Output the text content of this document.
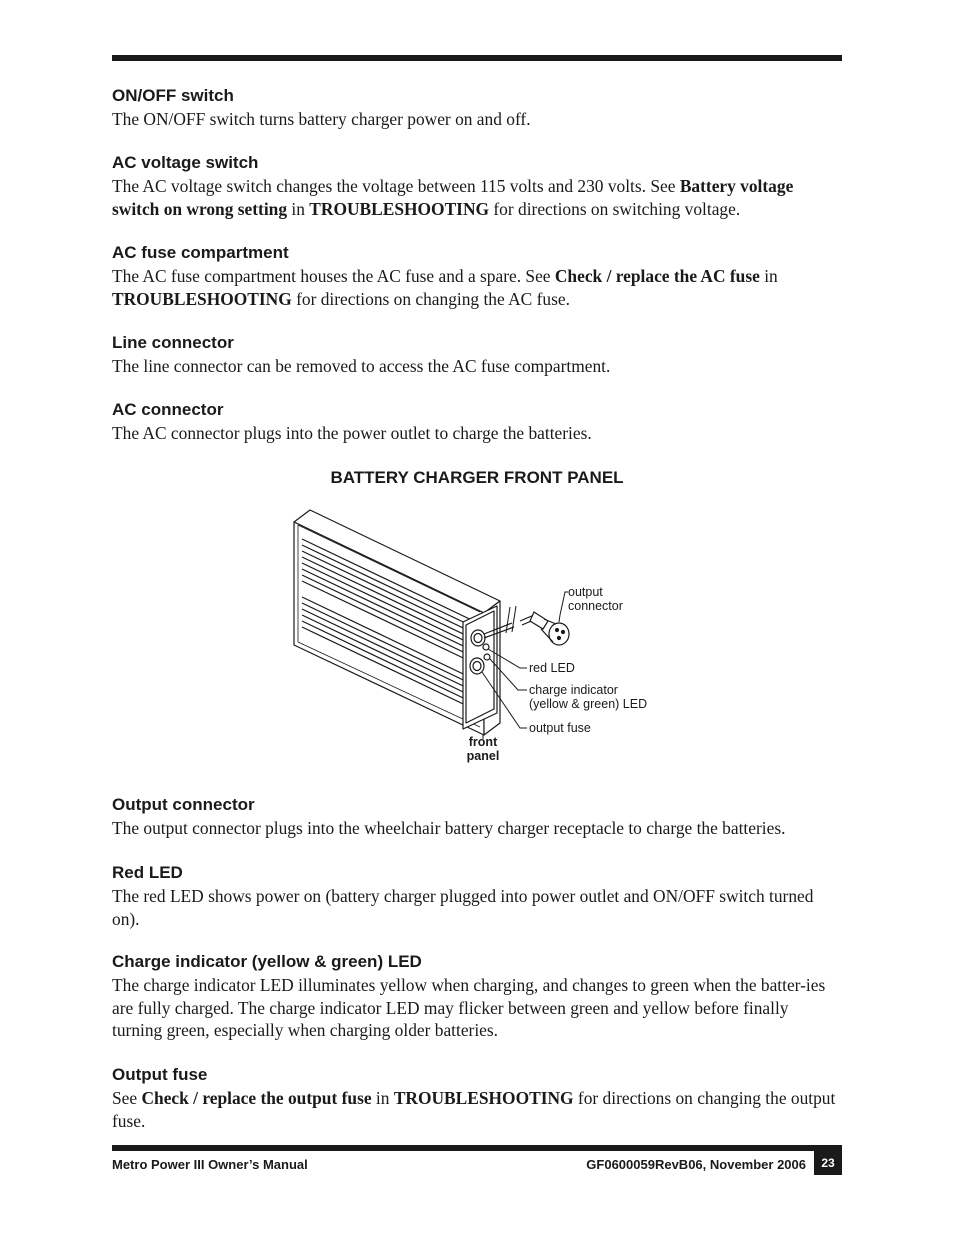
ON/OFF switch

The ON/OFF switch turns battery charger power on and off.

AC voltage switch

The AC voltage switch changes the voltage between 115 volts and 230 volts. See Battery voltage switch on wrong setting in TROUBLESHOOTING for directions on switching voltage.

AC fuse compartment

The AC fuse compartment houses the AC fuse and a spare. See Check / replace the AC fuse in TROUBLESHOOTING for directions on changing the AC fuse.

Line connector

The line connector can be removed to access the AC fuse compartment.

AC connector

The AC connector plugs into the power outlet to charge the batteries.

BATTERY CHARGER FRONT PANEL
output
connector
red LED
charge indicator
(yellow & green) LED
output fuse
front
panel
Output connector

The output connector plugs into the wheelchair battery charger receptacle to charge the batteries.

Red LED

The red LED shows power on (battery charger plugged into power outlet and ON/OFF switch turned on).

Charge indicator (yellow & green) LED

The charge indicator LED illuminates yellow when charging, and changes to green when the batter-ies are fully charged. The charge indicator LED may flicker between green and yellow before finally turning green, especially when charging older batteries.

Output fuse

See Check / replace the output fuse in TROUBLESHOOTING for directions on changing the output fuse.

Metro Power III Owner’s Manual	GF0600059RevB06, November 2006	23
